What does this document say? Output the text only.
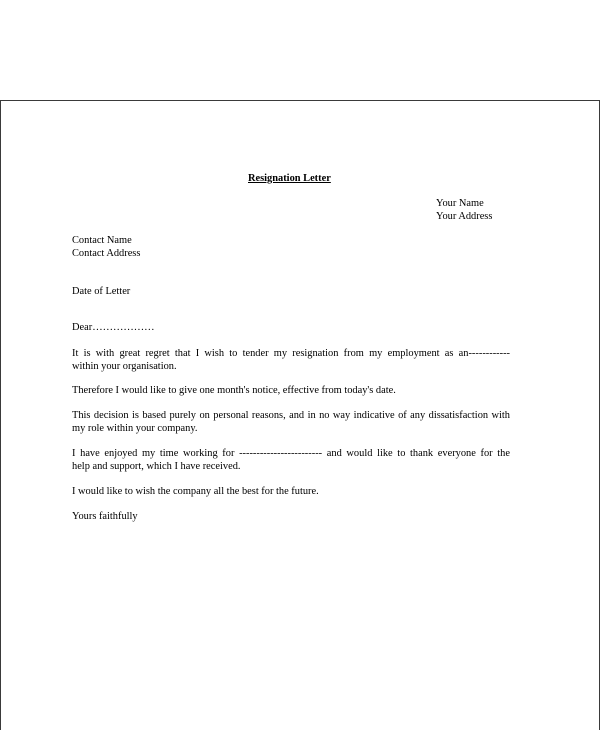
Resignation Letter
Your Name
Your Address
Contact Name
Contact Address
Date of Letter
Dear………………
It is with great regret that I wish to tender my resignation from my employment as an------------
within your organisation.
Therefore I would like to give one month's notice, effective from today's date.
This decision is based purely on personal reasons, and in no way indicative of any dissatisfaction with
my role within your company.
I have enjoyed my time working for ------------------------ and would like to thank everyone for the
help and support, which I have received.
I would like to wish the company all the best for the future.
Yours faithfully
